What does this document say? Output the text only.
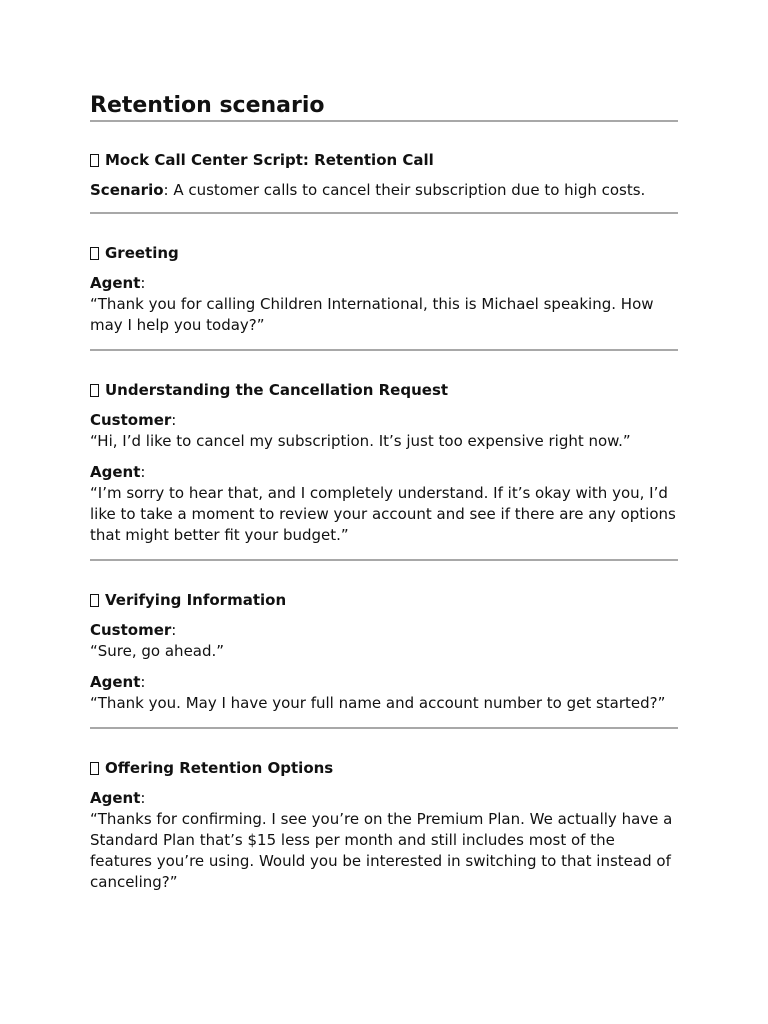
Retention scenario
Mock Call Center Script: Retention Call

Scenario: A customer calls to cancel their subscription due to high costs.

Greeting

Agent:

“Thank you for calling Children International, this is Michael speaking. How may I help you today?”

Understanding the Cancellation Request

Customer:

“Hi, I’d like to cancel my subscription. It’s just too expensive right now.”

Agent:

“I’m sorry to hear that, and I completely understand. If it’s okay with you, I’d like to take a moment to review your account and see if there are any options that might better fit your budget.”

Verifying Information

Customer:

“Sure, go ahead.”

Agent:

“Thank you. May I have your full name and account number to get started?”

Offering Retention Options

Agent:

“Thanks for confirming. I see you’re on the Premium Plan. We actually have a Standard Plan that’s $15 less per month and still includes most of the features you’re using. Would you be interested in switching to that instead of canceling?”
